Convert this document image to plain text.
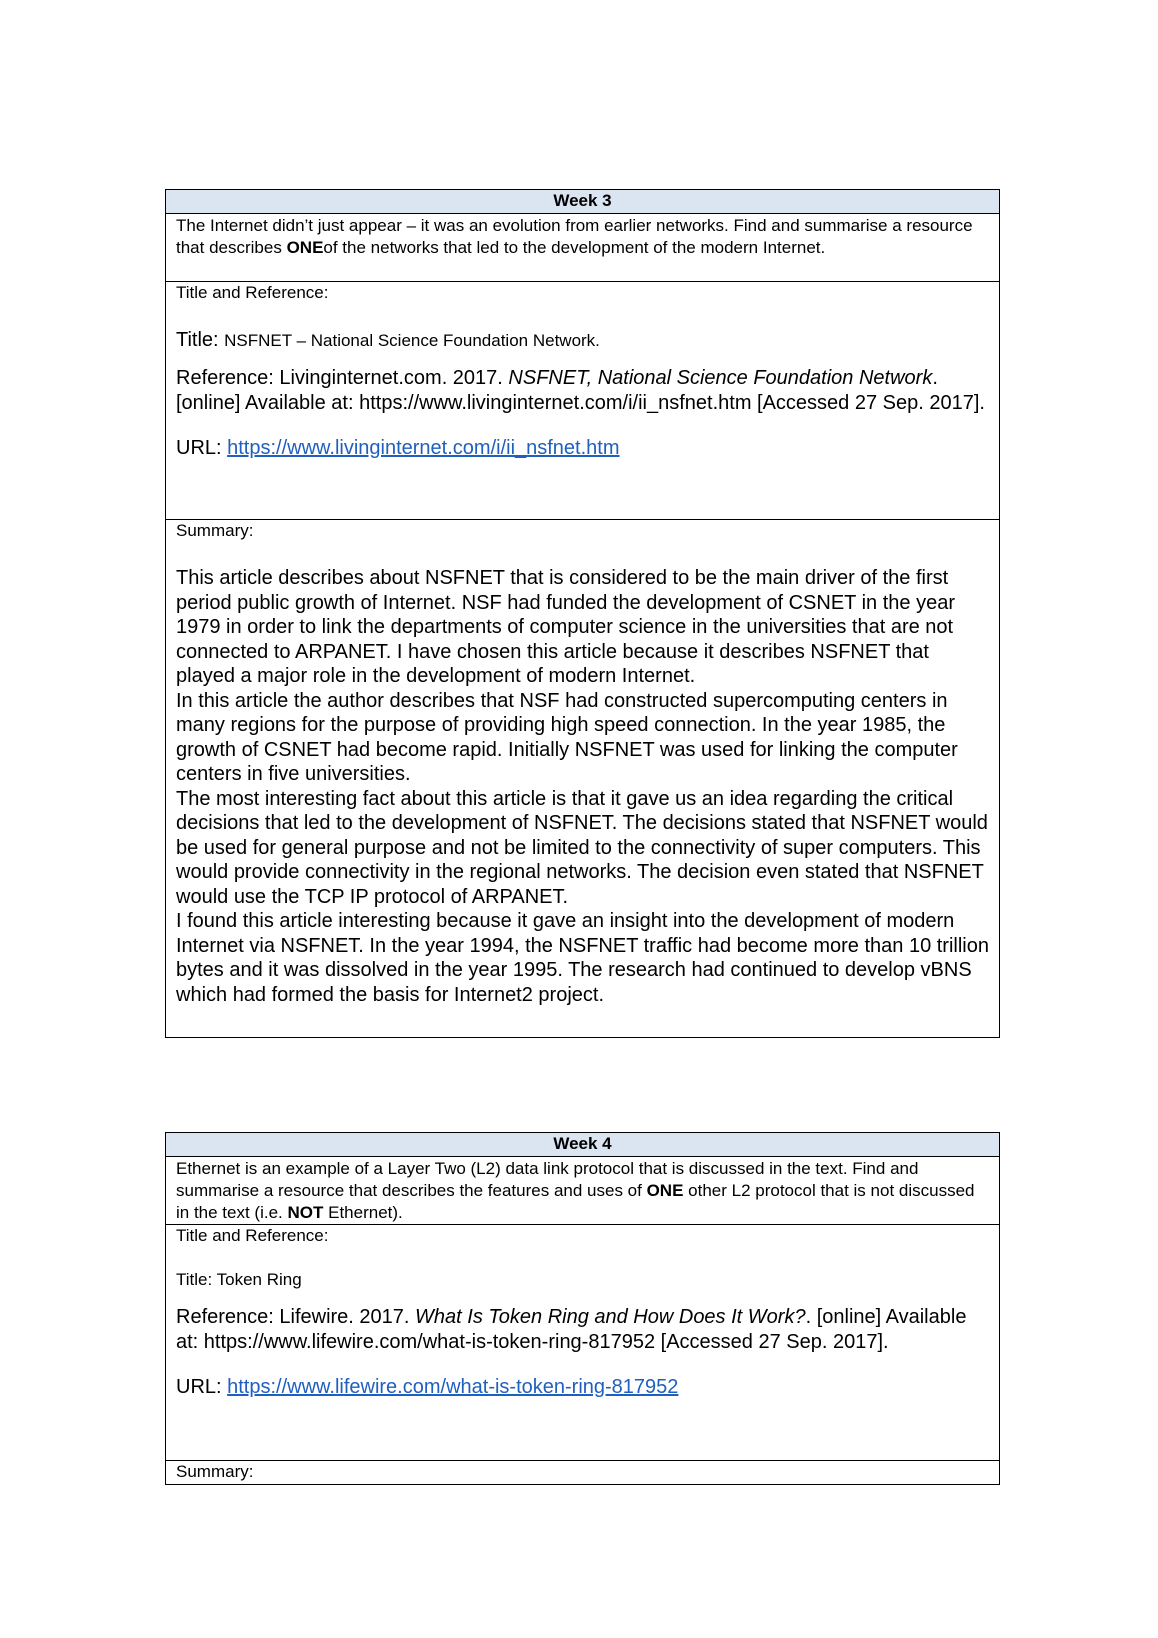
Week 3
The Internet didn’t just appear – it was an evolution from earlier networks. Find and summarise a resource that describes ONEof the networks that led to the development of the modern Internet.
Title and Reference:
Title: NSFNET – National Science Foundation Network.
Reference: Livinginternet.com. 2017. NSFNET, National Science Foundation Network. [online] Available at: https://www.livinginternet.com/i/ii_nsfnet.htm [Accessed 27 Sep. 2017].
URL: https://www.livinginternet.com/i/ii_nsfnet.htm
Summary:

This article describes about NSFNET that is considered to be the main driver of the first period public growth of Internet. NSF had funded the development of CSNET in the year 1979 in order to link the departments of computer science in the universities that are not connected to ARPANET. I have chosen this article because it describes NSFNET that played a major role in the development of modern Internet.

In this article the author describes that NSF had constructed supercomputing centers in many regions for the purpose of providing high speed connection. In the year 1985, the growth of CSNET had become rapid. Initially NSFNET was used for linking the computer centers in five universities.

The most interesting fact about this article is that it gave us an idea regarding the critical decisions that led to the development of NSFNET. The decisions stated that NSFNET would be used for general purpose and not be limited to the connectivity of super computers. This would provide connectivity in the regional networks. The decision even stated that NSFNET would use the TCP IP protocol of ARPANET.

I found this article interesting because it gave an insight into the development of modern Internet via NSFNET. In the year 1994, the NSFNET traffic had become more than 10 trillion bytes and it was dissolved in the year 1995. The research had continued to develop vBNS which had formed the basis for Internet2 project.

Week 4
Ethernet is an example of a Layer Two (L2) data link protocol that is discussed in the text. Find and summarise a resource that describes the features and uses of ONE other L2 protocol that is not discussed in the text (i.e. NOT Ethernet).
Title and Reference:
Title: Token Ring
Reference: Lifewire. 2017. What Is Token Ring and How Does It Work?. [online] Available at: https://www.lifewire.com/what-is-token-ring-817952 [Accessed 27 Sep. 2017].
URL: https://www.lifewire.com/what-is-token-ring-817952
Summary:
